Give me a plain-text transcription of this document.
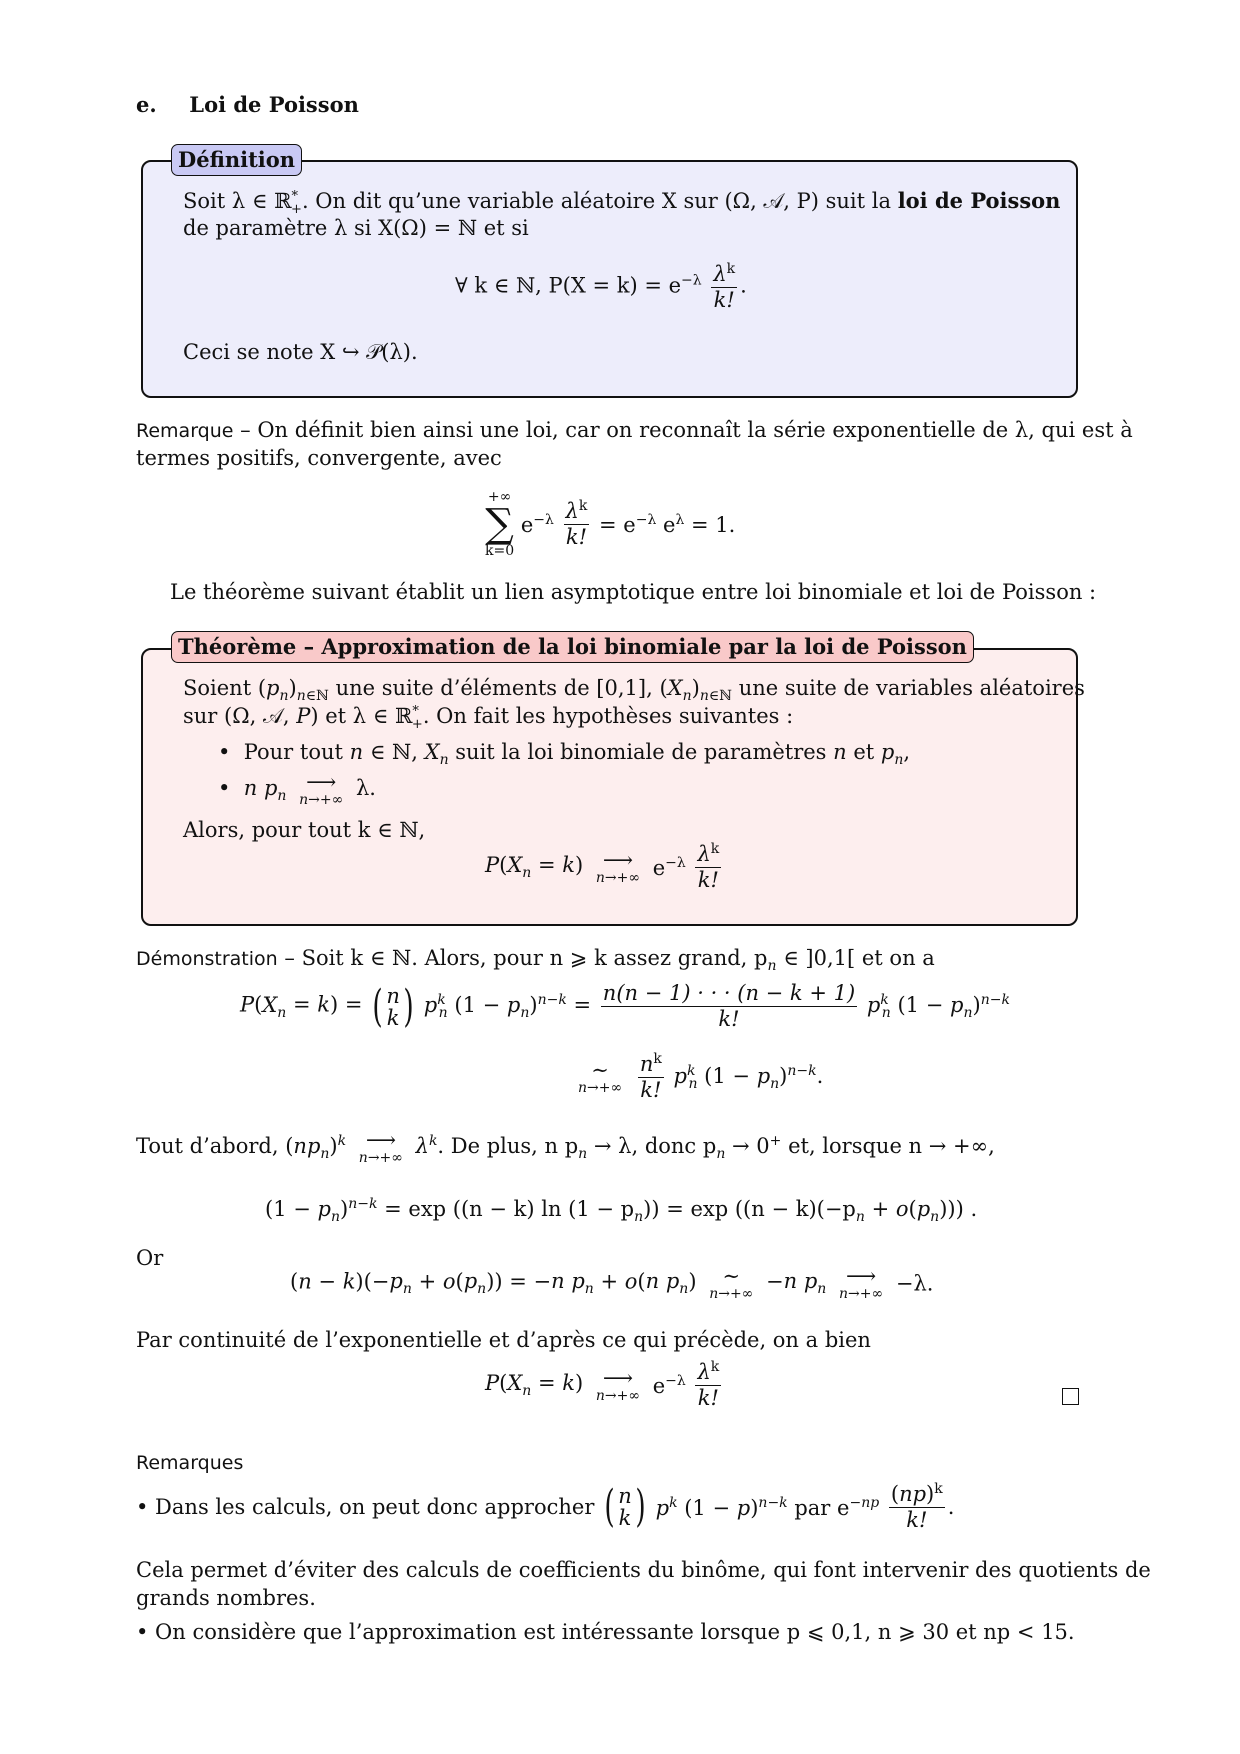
e. Loi de Poisson
Définition
Soit λ ∈ ℝ*$_+$. On dit qu’une variable aléatoire X sur (Ω, 𝒜, P) suit la loi de Poisson
de paramètre λ si X(Ω) = ℕ et si
∀ k ∈ ℕ, $P(X = k) = e^{-\lambda} \frac{\lambda^k}{k!}$ .
Ceci se note X ↪ 𝒫(λ).
Remarque – On définit bien ainsi une loi, car on reconnaît la série exponentielle de λ, qui est à
termes positifs, convergente, avec
+∞
∑
k=0
$e^{-\lambda} \frac{\lambda^k}{k!} = e^{-\lambda}$ $e^\lambda = 1$.
Le théorème suivant établit un lien asymptotique entre loi binomiale et loi de Poisson :
Théorème – Approximation de la loi binomiale par la loi de Poisson
Soient $(p_n)_{n\in ℕ}$ une suite d’éléments de [0,1], $(X_n)_{n\in ℕ}$ une suite de variables aléatoires
sur (Ω, 𝒜, P) et λ ∈ ℝ*$_+$. On fait les hypothèses suivantes :
•  Pour tout n ∈ ℕ, $X_n$ suit la loi binomiale de paramètres n et $p_n$,
•  n $p_n$
⟶
n→+∞ λ.
Alors, pour tout k ∈ ℕ,
$P(X_n = k)$ ⟶
n→+∞ $e^{-\lambda} \frac{\lambda^k}{k!}$
Démonstration – Soit k ∈ ℕ. Alors, pour n ⩾ k assez grand, $p_n$ ∈ ]0,1[ et on a
$P(X_n = k)$ = ( n
k ) $p^k_n$ $(1 - p_n)^{n-k} = \frac{n(n - 1) \cdot \cdot \cdot (n - k + 1)}{k!} p^k_n$ $(1 - p_n)^{n-k}$
∼
n→+∞
$\frac{n^k}{k!} p^k_n$ $(1 - p_n)^{n-k}$.
Tout d’abord, $(np_n)^k$ ⟶
n→+∞ $\lambda^k$. De plus, n $p_n \to \lambda$, donc $p_n \to 0^+$ et, lorsque n → +∞,
$(1 - p_n)^{n-k} = \exp ((n - k)$ $\ln (1 - p_n)) = \exp ((n - k)(-p_n + o(p_n)))$ .
Or
$(n - k)(-p_n + o(p_n)) = -n$ $p_n + o(n$ $p_n$) ∼
n→+∞
−n $p_n$
⟶
n→+∞ −λ.
Par continuité de l’exponentielle et d’après ce qui précède, on a bien
$P(X_n = k)$ ⟶
n→+∞ $e^{-\lambda} \frac{\lambda^k}{k!}$
Remarques
• Dans les calculs, on peut donc approcher ( n
k ) $p^k$ $(1 - p)^{n-k}$ par $e^{-np} \frac{(np)^k}{k!}$ .
Cela permet d’éviter des calculs de coefficients du binôme, qui font intervenir des quotients de
grands nombres.
• On considère que l’approximation est intéressante lorsque p ⩽ 0,1, n ⩾ 30 et np < 15.
